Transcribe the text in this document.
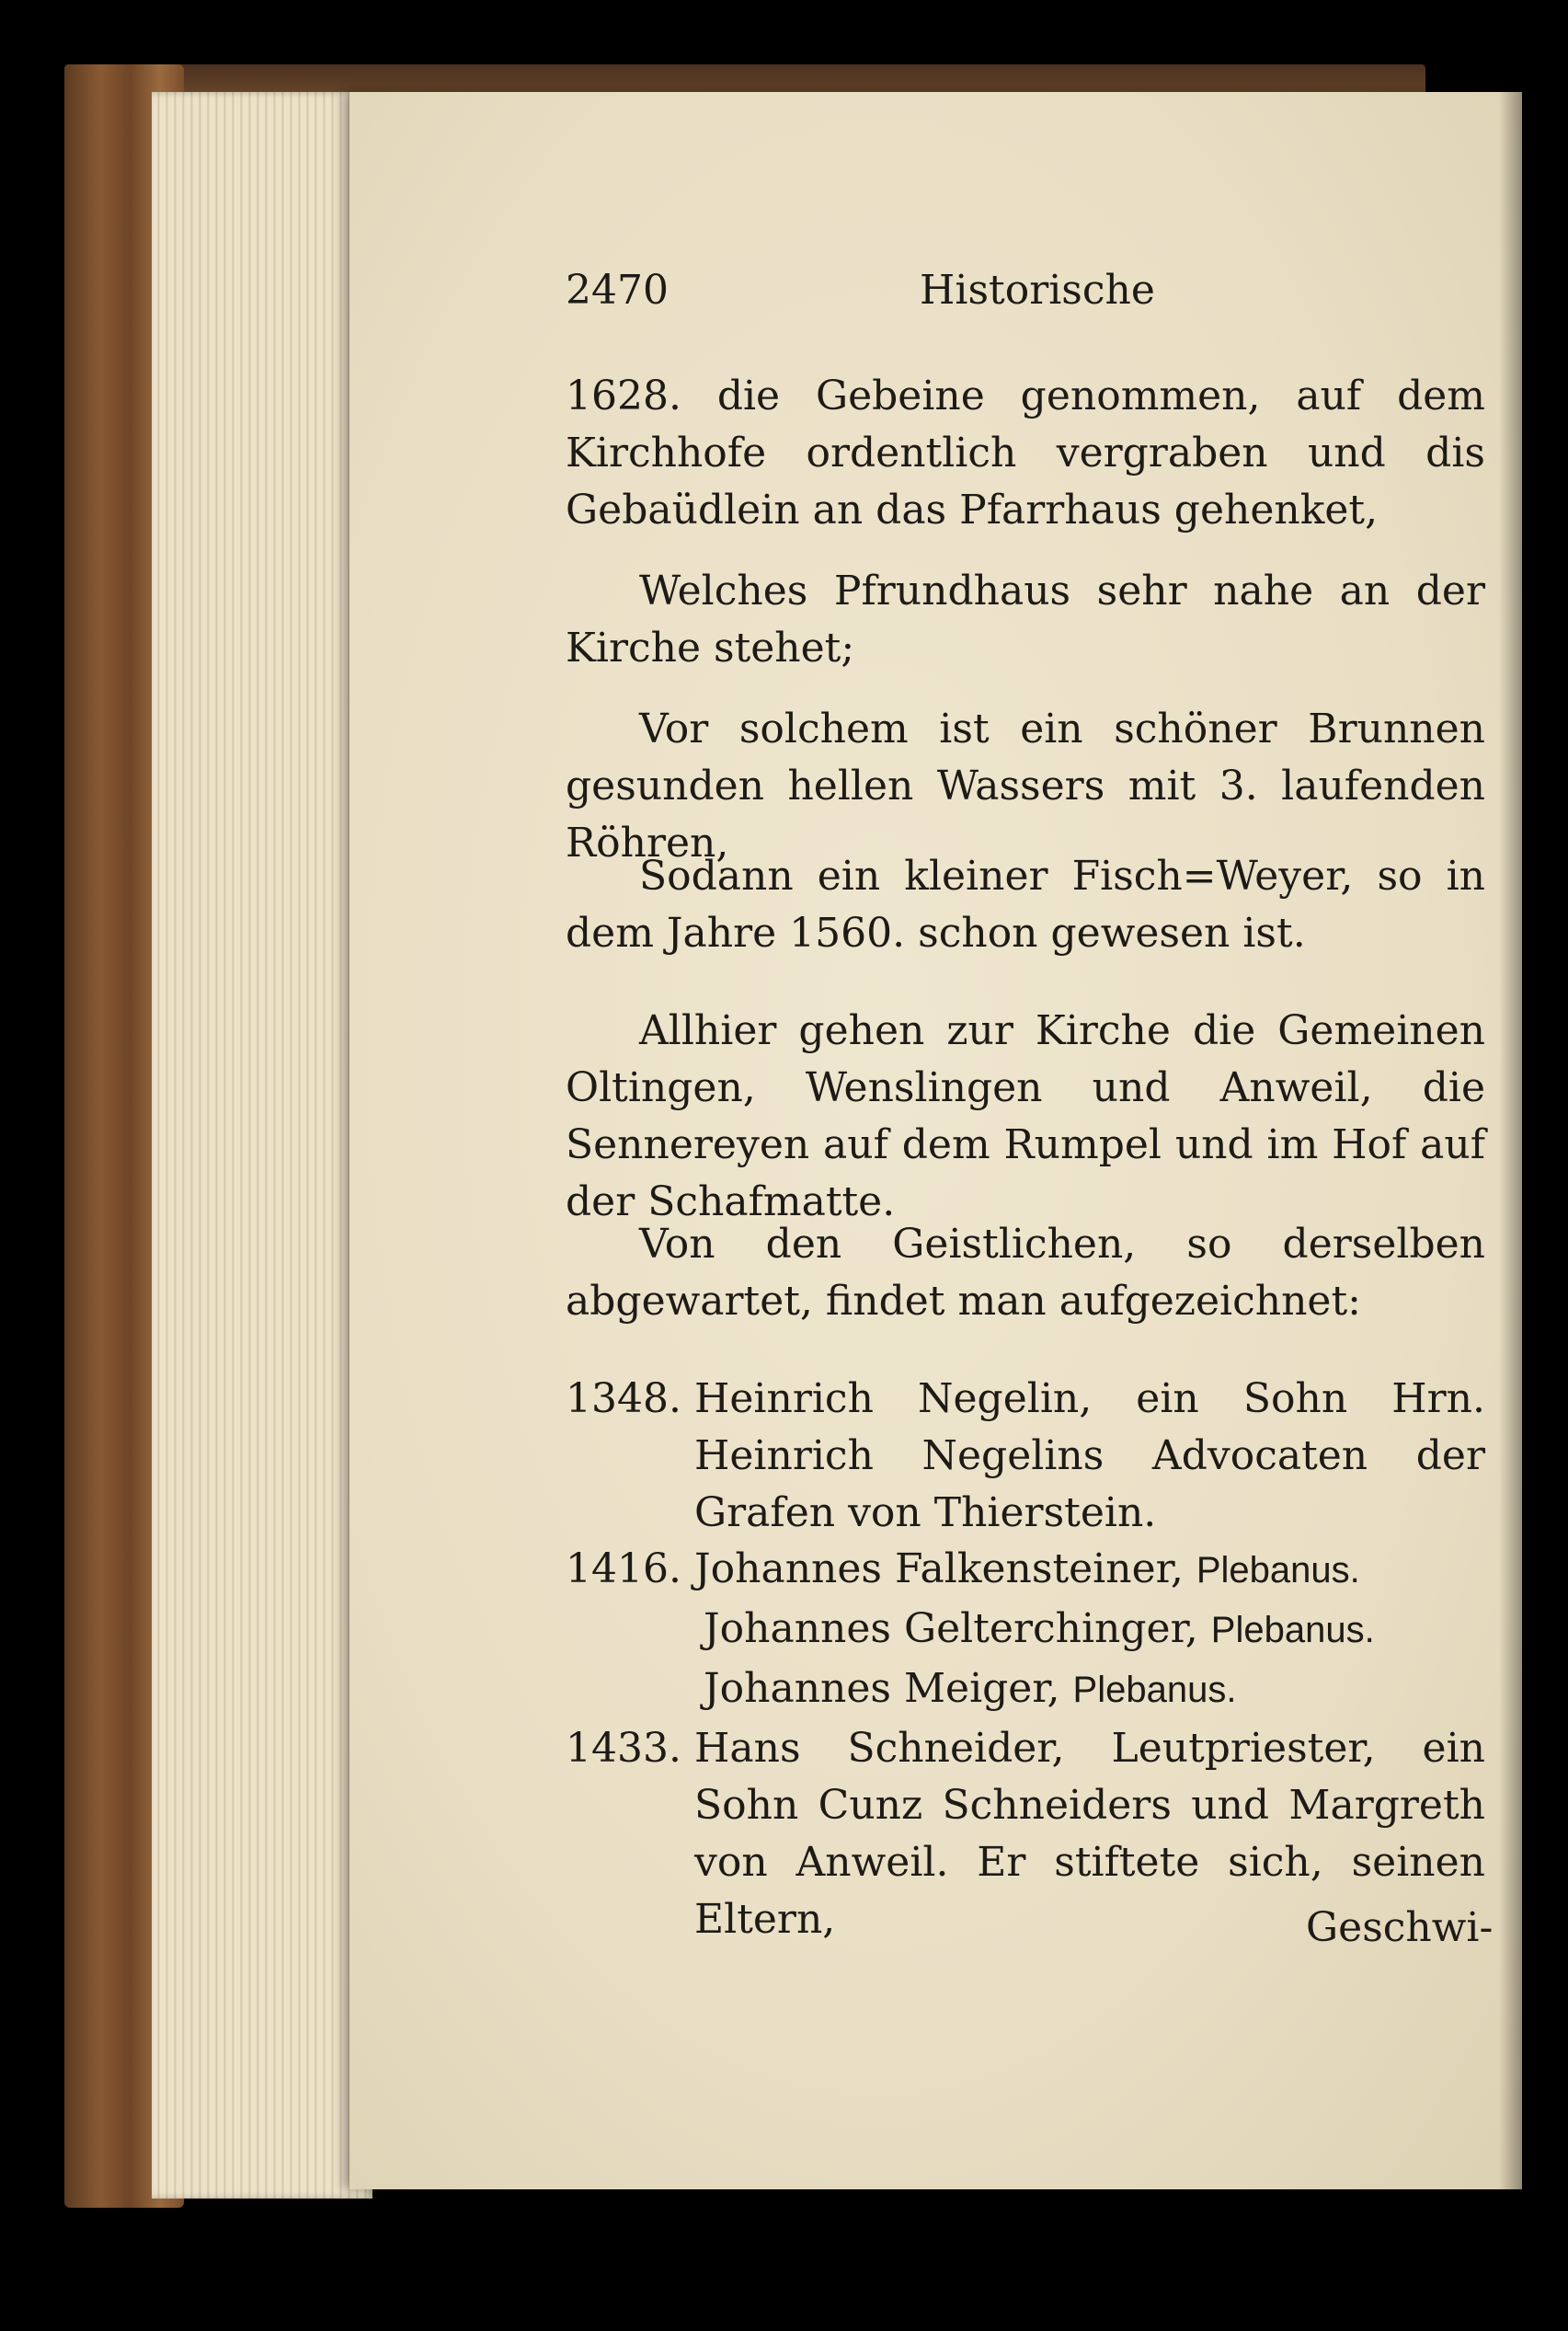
2470	Historische

1628. die Gebeine genommen, auf dem Kirchhofe ordentlich vergraben und dis Gebaüdlein an das Pfarrhaus gehenket,

Welches Pfrundhaus sehr nahe an der Kirche stehet;

Vor solchem ist ein schöner Brunnen gesunden hellen Wassers mit 3. laufenden Röhren,

Sodann ein kleiner Fisch=Weyer, so in dem Jahre 1560. schon gewesen ist.

Allhier gehen zur Kirche die Gemeinen Oltingen, Wenslingen und Anweil, die Sennereyen auf dem Rumpel und im Hof auf der Schafmatte.

Von den Geistlichen, so derselben abgewartet, findet man aufgezeichnet:

1348. Heinrich Negelin, ein Sohn Hrn. Heinrich Negelins Advocaten der Grafen von Thierstein.
1416. Johannes Falkensteiner, Plebanus.
Johannes Gelterchinger, Plebanus.
Johannes Meiger, Plebanus.
1433. Hans Schneider, Leutpriester, ein Sohn Cunz Schneiders und Margreth von Anweil. Er stiftete sich, seinen Eltern,	Geschwi-
